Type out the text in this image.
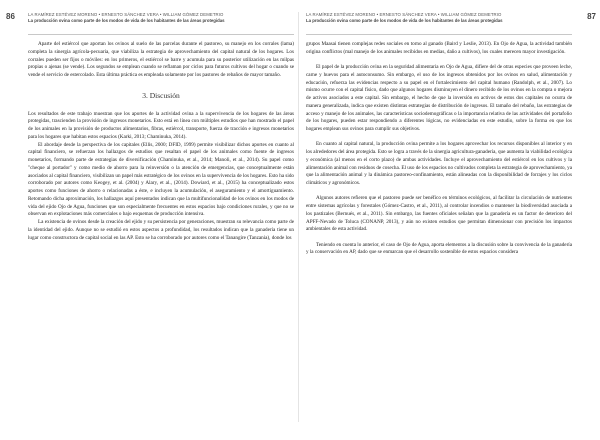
86	LA RAMÍREZ ESTÉVEZ MORENO • ERNESTO SÁNCHEZ VERA • WILLIAM GÓMEZ DEMETRIO
La producción ovina como parte de los modos de vida de los habitantes de las áreas protegidas

Aparte del estiércol que aportan los ovinos al suelo de las parcelas durante el pastoreo, su manejo en los corrales (lama) completa la sinergia agrícola-pecuaria, que viabiliza la estrategia de aprovechamiento del capital natural de los hogares. Los corrales pueden ser fijos o móviles: en los primeros, el estiércol se barre y acumula para su posterior utilización en las milpas propias o ajenas (se vende). Los segundos se emplean cuando se reflaman por ciclos para futuros cultivos del hogar o cuando se vende el servicio de estercolado. Esta última práctica es empleada solamente por los pastores de rebaños de mayor tamaño.

3. Discusión

Los resultados de este trabajo muestran que los aportes de la actividad ovina a la supervivencia de los hogares de las áreas protegidas, trascienden la provisión de ingresos monetarios. Esto está en línea con múltiples estudios que han mostrado el papel de los animales en la provisión de productos alimentarios, fibras, estiércol, transporte, fuerza de tracción e ingresos monetarios para los hogares que habitan estos espacios (Karki, 2013; Chaminuka, 2014).

El abordaje desde la perspectiva de los capitales (Ellis, 2000; DFID, 1999) permite visibilizar dichos aportes en cuanto al capital financiero, se refuerzan los hallazgos de estudios que resaltan el papel de los animales como fuente de ingresos monetarios, formando parte de estrategias de diversificación (Chaminuka, et al., 2014; Manoli, et al., 2014). Su papel como "cheque al portador" y como medio de ahorro para la reinversión o la atención de emergencias, que conceptualmente están asociados al capital financiero, visibilizan un papel más estratégico de los ovinos en la supervivencia de los hogares. Esto ha sido corroborado por autores como Keogey, et al. (2004) y Alary, et al., (2014). Dowiard, et al., (2015) ha conceptualizado estos aportes como funciones de ahorro o relacionadas a éste, e incluyen la acumulación, el aseguramiento y el amortiguamiento. Retomando dicha aproximación, los hallazgos aquí presentados indican que la multifuncionalidad de los ovinos en los modos de vida del ejido Ojo de Agua, funciones que son especialmente frecuentes en estos espacios bajo condiciones rurales, y que no se observan en explotaciones más comerciales o bajo esquemas de producción intensiva.

La existencia de ovinos desde la creación del ejido y su persistencia por generaciones, muestran su relevancia como parte de la identidad del ejido. Aunque no se estudió en estos aspectos a profundidad, los resultados indican que la ganadería tiene un lugar como constructora de capital social en las AP. Esto se ha corroborado por autores como el Tanangire (Tanzania), donde los

87
LA RAMÍREZ ESTÉVEZ MORENO • ERNESTO SÁNCHEZ VERA • WILLIAM GÓMEZ DEMETRIO
La producción ovina como parte de los modos de vida de los habitantes de las áreas protegidas

grupos Maasai tienen complejas redes sociales en torno al ganado (Baird y Leslie, 2013). En Ojo de Agua, la actividad también origina conflictos (mal manejo de los animales recibidos en medias, daño a cultivos), los cuales merecen mayor investigación.

El papel de la producción ovina en la seguridad alimentaria en Ojo de Agua, difiere del de otras especies que proveen leche, carne y huevos para el autoconsumo. Sin embargo, el uso de los ingresos obtenidos por los ovinos en salud, alimentación y educación, refuerza las evidencias respecto a su papel en el fortalecimiento del capital humano (Randolph, et al., 2007). Lo mismo ocurre con el capital físico, dado que algunos hogares disminuyen el dinero recibido de los ovinos en la compra o mejora de activos asociados a este capital. Sin embargo, el hecho de que la inversión en activos de estos dos capitales no ocurra de manera generalizada, indica que existen distintas estrategias de distribución de ingresos. El tamaño del rebaño, las estrategias de acceso y manejo de los animales, las características sociodemográficas o la importancia relativa de las actividades del portafolio de los hogares, pueden estar respondiendo a diferentes lógicas, no evidenciadas en este estudio, sobre la forma en que los hogares emplean sus ovinos para cumplir sus objetivos.

En cuanto al capital natural, la producción ovina permite a los hogares aprovechar los recursos disponibles al interior y en los alrededores del área protegida. Esto se logra a través de la sinergia agricultura-ganadería, que aumenta la viabilidad ecológica y económica (al menos en el corto plazo) de ambas actividades. Incluye el aprovechamiento del estiércol en los cultivos y la alimentación animal con residuos de cosecha. El uso de los espacios no cultivados completa la estrategia de aprovechamiento, ya que la alimentación animal y la dinámica pastoreo-confinamiento, están alineadas con la disponibilidad de forrajes y los ciclos climáticos y agronómicos.

Algunos autores refieren que el pastoreo puede ser benéfico en términos ecológicos, al facilitar la circulación de nutrientes entre sistemas agrícolas y forestales (Gómez-Castro, et al., 2011), al controlar incendios o mantener la biodiversidad asociada a los pastizales (Bernués, et al., 2011). Sin embargo, las fuentes oficiales señalan que la ganadería es un factor de deterioro del APFF-Nevado de Toluca (CONANP, 2013), y aún no existen estudios que permitan dimensionar con precisión los impactos ambientales de esta actividad.

Teniendo en cuenta lo anterior, el caso de Ojo de Agua, aporta elementos a la discusión sobre la convivencia de la ganadería y la conservación en AP, dado que se enmarcan que el desarrollo sostenible de estos espacios considera
